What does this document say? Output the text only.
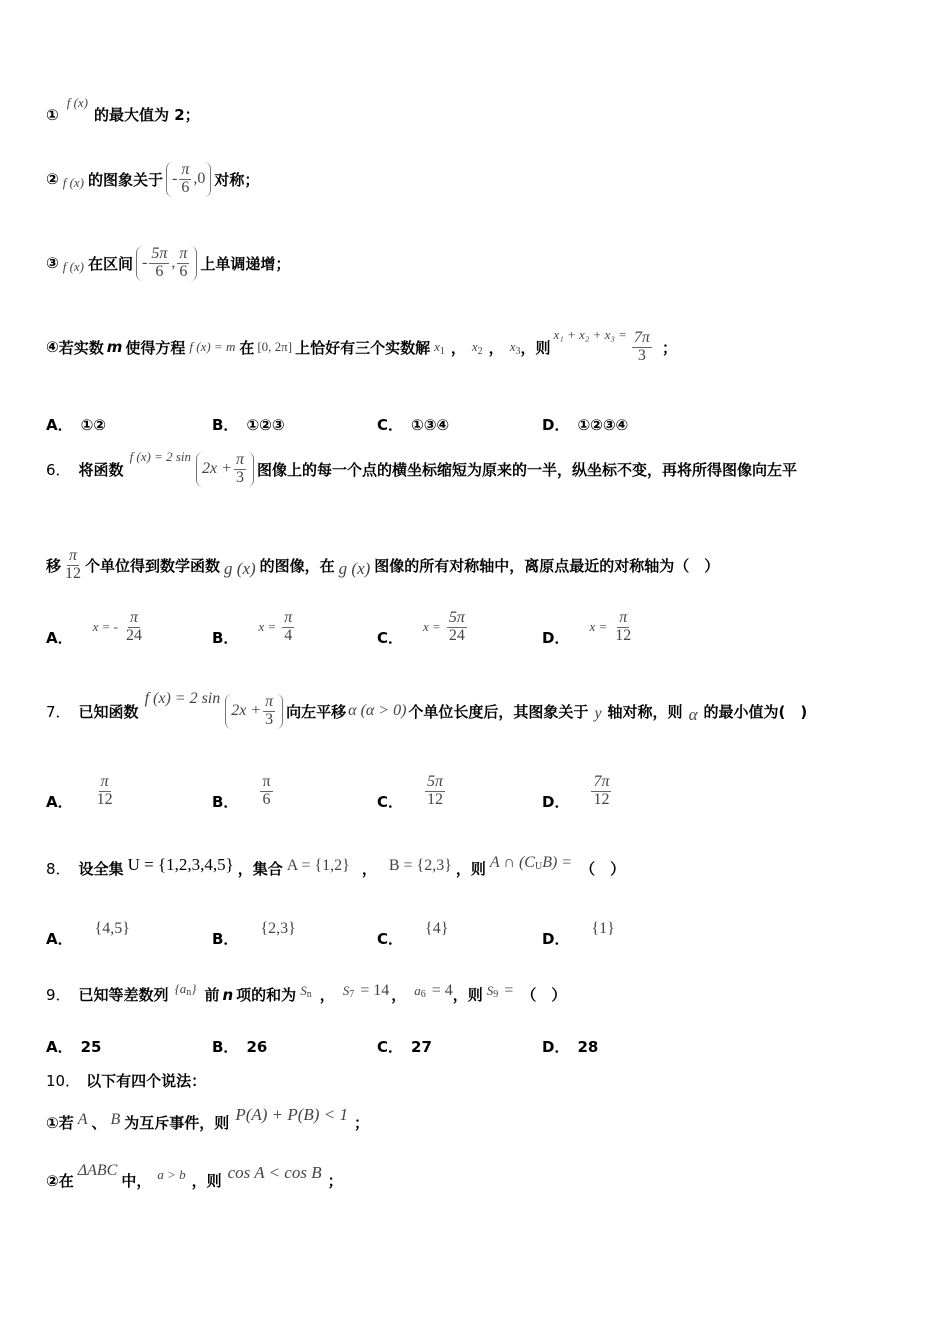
①
f (x)
的最大值为 2；
② f (x) 的图象关于 - $\frac{\pi}{6} ,0$ 对称；
③ f (x) 在区间 - $\frac{5\pi}{6}$ , $\frac{\pi}{6}$ 上单调递增；
④ 若实数 m 使得方程 f (x) = m 在 [0, 2π] 上恰好有三个实数解 x 1 ， x 2 ， x 3 ，则
$x_1 + x_2 + x_3 = \frac{7\pi}{3}$ ；
A． ①②	B． ①②③	C． ①③④	D． ①②③④
6． 将函数
f (x) = 2 sin
$2x + \frac{\pi}{3}$ 图像上的每一个点的横坐标缩短为原来的一半，纵坐标不变，再将所得图像向左平
移 $\frac{\pi}{12}$ 个单位得到数学函数 g (x) 的图像，在 g (x) 图像的所有对称轴中，离原点最近的对称轴为（　）
A．
x = - $\frac{\pi}{24}$	B．
$x = \frac{\pi}{4}$	C．
$x = \frac{5\pi}{24}$	D．
$x = \frac{\pi}{12}$
7． 已知函数
f (x) = 2 sin
$2x + \frac{\pi}{3}$ 向左平移 α (α > 0) 个单位长度后，其图象关于 y 轴对称，则 α 的最小值为(　)
A． $\frac{\pi}{12}$	B． $\frac{\pi}{6}$	C． $\frac{5\pi}{12}$	D． $\frac{7\pi}{12}$
8． 设全集 U = {1,2,3,4,5} ，集合 A = {1,2} ， B = {2,3} ，则 A ∩ (C U B) = （　）
A．
{4,5}
B．
{2,3}
C．
{4}
D．
{1}
9． 已知等差数列 {a n } 前 n 项的和为 S n ， S 7 = 14 ， a 6 = 4 ，则 S 9 = （　）
A． 25	B． 26	C． 27	D． 28
10． 以下有四个说法：
① 若 A 、 B 为互斥事件，则 P(A) + P(B) < 1 ；
② 在
ΔABC
中， a > b ，则 cos A < cos B ；
